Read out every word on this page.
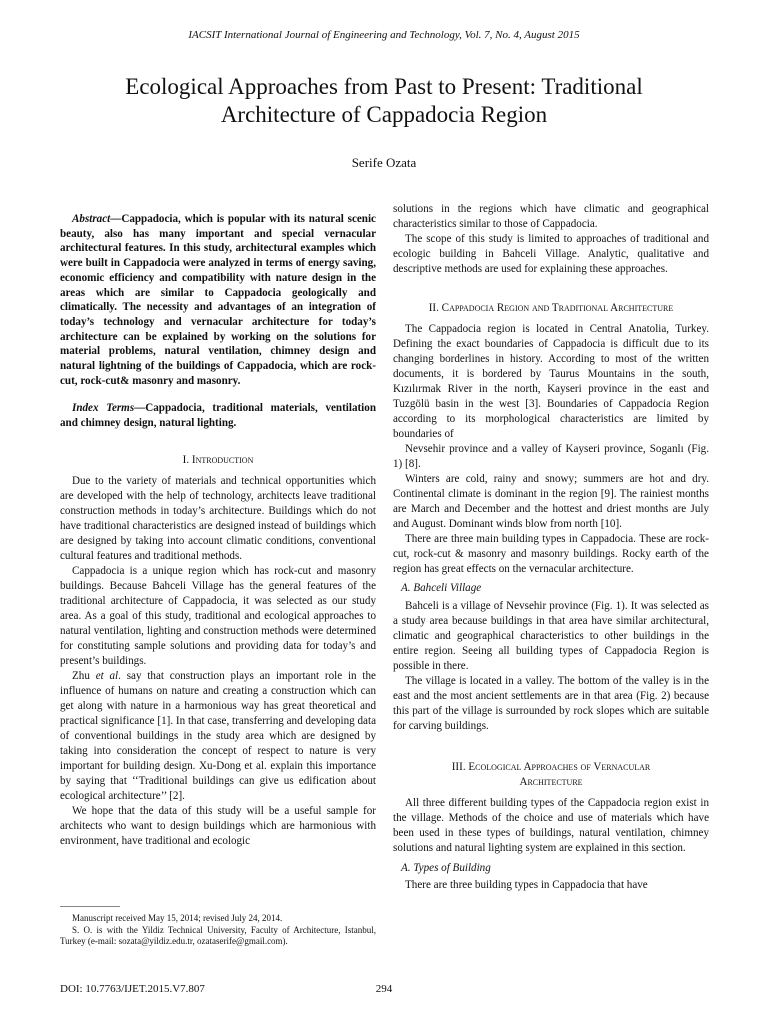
IACSIT International Journal of Engineering and Technology, Vol. 7, No. 4, August 2015
Ecological Approaches from Past to Present: Traditional
Architecture of Cappadocia Region
Serife Ozata

Abstract—Cappadocia, which is popular with its natural scenic beauty, also has many important and special vernacular architectural features. In this study, architectural examples which were built in Cappadocia were analyzed in terms of energy saving, economic efficiency and compatibility with nature design in the areas which are similar to Cappadocia geologically and climatically. The necessity and advantages of an integration of today’s technology and vernacular architecture for today’s architecture can be explained by working on the solutions for material problems, natural ventilation, chimney design and natural lightning of the buildings of Cappadocia, which are rock-cut, rock-cut& masonry and masonry.

Index Terms—Cappadocia, traditional materials, ventilation and chimney design, natural lighting.

I. Introduction

Due to the variety of materials and technical opportunities which are developed with the help of technology, architects leave traditional construction methods in today’s architecture. Buildings which do not have traditional characteristics are designed instead of buildings which are designed by taking into account climatic conditions, conventional cultural features and traditional methods.

Cappadocia is a unique region which has rock-cut and masonry buildings. Because Bahceli Village has the general features of the traditional architecture of Cappadocia, it was selected as our study area. As a goal of this study, traditional and ecological approaches to natural ventilation, lighting and construction methods were determined for constituting sample solutions and providing data for today’s and present’s buildings.

Zhu et al. say that construction plays an important role in the influence of humans on nature and creating a construction which can get along with nature in a harmonious way has great theoretical and practical significance [1]. In that case, transferring and developing data of conventional buildings in the study area which are designed by taking into consideration the concept of respect to nature is very important for building design. Xu-Dong et al. explain this importance by saying that ‘‘Traditional buildings can give us edification about ecological architecture’’ [2].

We hope that the data of this study will be a useful sample for architects who want to design buildings which are harmonious with environment, have traditional and ecologic

Manuscript received May 15, 2014; revised July 24, 2014.

S. O. is with the Yildiz Technical University, Faculty of Architecture, Istanbul, Turkey (e-mail: sozata@yildiz.edu.tr, ozataserife@gmail.com).

solutions in the regions which have climatic and geographical characteristics similar to those of Cappadocia.

The scope of this study is limited to approaches of traditional and ecologic building in Bahceli Village. Analytic, qualitative and descriptive methods are used for explaining these approaches.

II. Cappadocia Region and Traditional Architecture

The Cappadocia region is located in Central Anatolia, Turkey. Defining the exact boundaries of Cappadocia is difficult due to its changing borderlines in history. According to most of the written documents, it is bordered by Taurus Mountains in the south, Kızılırmak River in the north, Kayseri province in the east and Tuzgölü basin in the west [3]. Boundaries of Cappadocia Region according to its morphological characteristics are limited by boundaries of

Nevsehir province and a valley of Kayseri province, Soganlı (Fig. 1) [8].

Winters are cold, rainy and snowy; summers are hot and dry. Continental climate is dominant in the region [9]. The rainiest months are March and December and the hottest and driest months are July and August. Dominant winds blow from north [10].

There are three main building types in Cappadocia. These are rock-cut, rock-cut & masonry and masonry buildings. Rocky earth of the region has great effects on the vernacular architecture.

A. Bahceli Village

Bahceli is a village of Nevsehir province (Fig. 1). It was selected as a study area because buildings in that area have similar architectural, climatic and geographical characteristics to other buildings in the entire region. Seeing all building types of Cappadocia Region is possible in there.

The village is located in a valley. The bottom of the valley is in the east and the most ancient settlements are in that area (Fig. 2) because this part of the village is surrounded by rock slopes which are suitable for carving buildings.

III. Ecological Approaches of Vernacular
Architecture

All three different building types of the Cappadocia region exist in the village. Methods of the choice and use of materials which have been used in these types of buildings, natural ventilation, chimney solutions and natural lighting system are explained in this section.

A. Types of Building

There are three building types in Cappadocia that have

DOI: 10.7763/IJET.2015.V7.807	294
